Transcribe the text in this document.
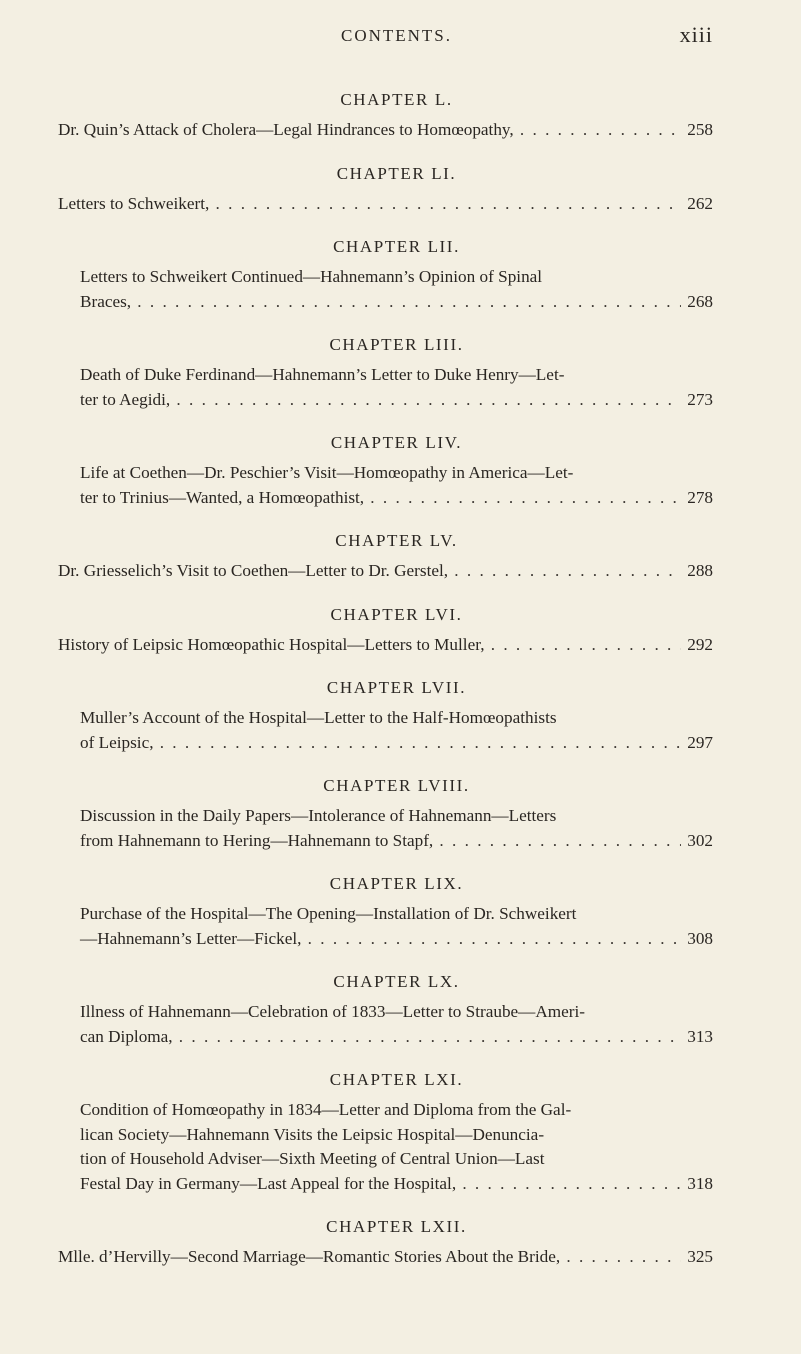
CONTENTS.	xiii
CHAPTER L.
Dr. Quin’s Attack of Cholera—Legal Hindrances to Homœopathy, . . .	258
CHAPTER LI.
Letters to Schweikert, . . .	262
CHAPTER LII.
Letters to Schweikert Continued—Hahnemann’s Opinion of Spinal
Braces, . . .	268
CHAPTER LIII.
Death of Duke Ferdinand—Hahnemann’s Letter to Duke Henry—Let-
ter to Aegidi, . . .	273
CHAPTER LIV.
Life at Coethen—Dr. Peschier’s Visit—Homœopathy in America—Let-
ter to Trinius—Wanted, a Homœopathist, . . .	278
CHAPTER LV.
Dr. Griesselich’s Visit to Coethen—Letter to Dr. Gerstel, . . .	288
CHAPTER LVI.
History of Leipsic Homœopathic Hospital—Letters to Muller, . . .	292
CHAPTER LVII.
Muller’s Account of the Hospital—Letter to the Half-Homœopathists
of Leipsic, . . .	297
CHAPTER LVIII.
Discussion in the Daily Papers—Intolerance of Hahnemann—Letters
from Hahnemann to Hering—Hahnemann to Stapf, . . .	302
CHAPTER LIX.
Purchase of the Hospital—The Opening—Installation of Dr. Schweikert
—Hahnemann’s Letter—Fickel, . . .	308
CHAPTER LX.
Illness of Hahnemann—Celebration of 1833—Letter to Straube—Ameri-
can Diploma, . . .	313
CHAPTER LXI.
Condition of Homœopathy in 1834—Letter and Diploma from the Gal-
lican Society—Hahnemann Visits the Leipsic Hospital—Denuncia-
tion of Household Adviser—Sixth Meeting of Central Union—Last
Festal Day in Germany—Last Appeal for the Hospital, . . .	318
CHAPTER LXII.
Mlle. d’Hervilly—Second Marriage—Romantic Stories About the Bride, . . .	325
